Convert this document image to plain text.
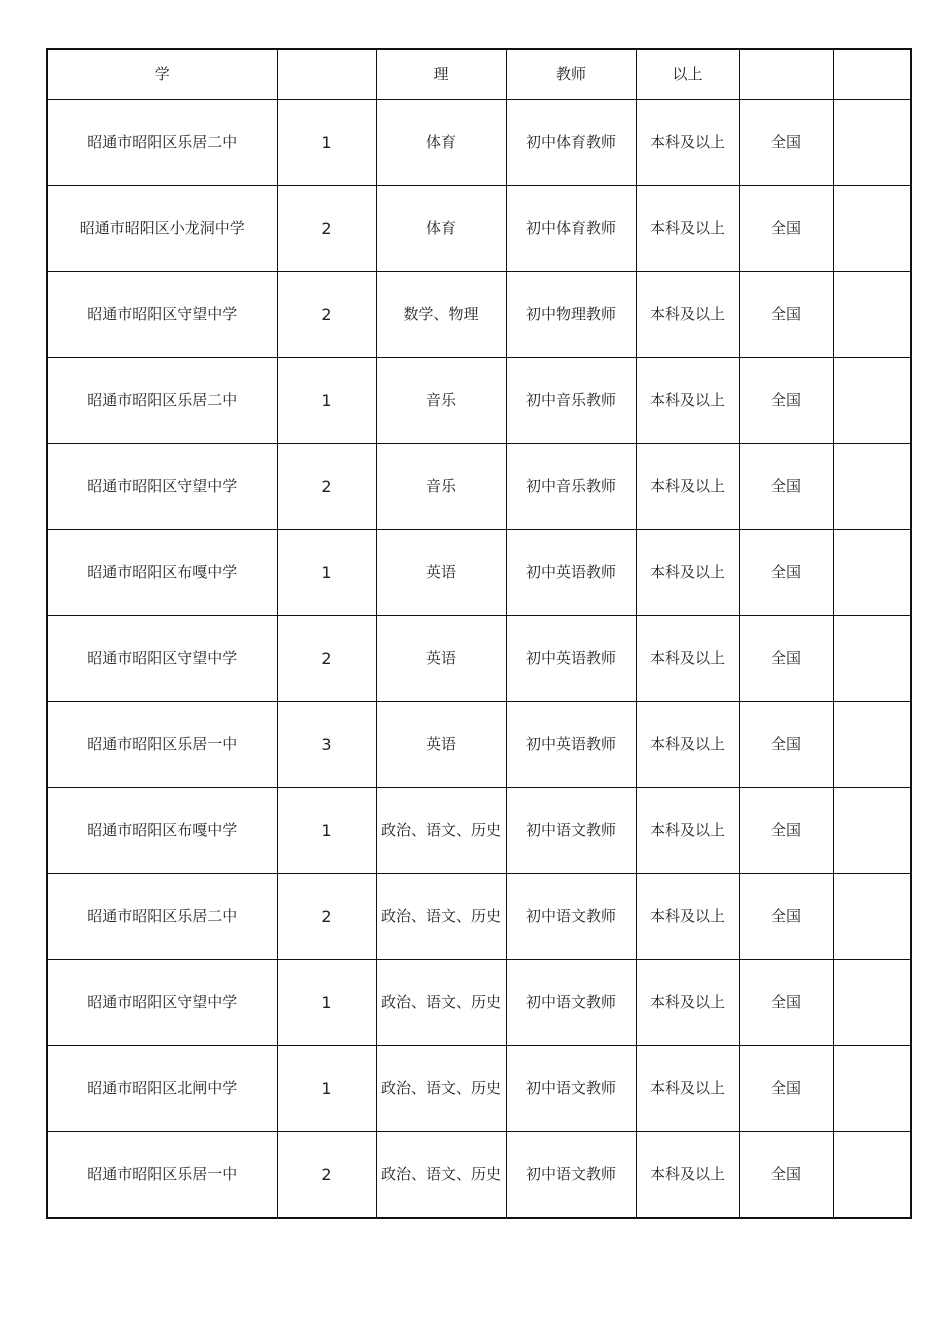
学		理	教师	以上		
昭通市昭阳区乐居二中	1	体育	初中体育教师	本科及以上	全国	
昭通市昭阳区小龙洞中学	2	体育	初中体育教师	本科及以上	全国	
昭通市昭阳区守望中学	2	数学、物理	初中物理教师	本科及以上	全国	
昭通市昭阳区乐居二中	1	音乐	初中音乐教师	本科及以上	全国	
昭通市昭阳区守望中学	2	音乐	初中音乐教师	本科及以上	全国	
昭通市昭阳区布嘎中学	1	英语	初中英语教师	本科及以上	全国	
昭通市昭阳区守望中学	2	英语	初中英语教师	本科及以上	全国	
昭通市昭阳区乐居一中	3	英语	初中英语教师	本科及以上	全国	
昭通市昭阳区布嘎中学	1	政治、语文、历史	初中语文教师	本科及以上	全国	
昭通市昭阳区乐居二中	2	政治、语文、历史	初中语文教师	本科及以上	全国	
昭通市昭阳区守望中学	1	政治、语文、历史	初中语文教师	本科及以上	全国	
昭通市昭阳区北闸中学	1	政治、语文、历史	初中语文教师	本科及以上	全国	
昭通市昭阳区乐居一中	2	政治、语文、历史	初中语文教师	本科及以上	全国	
